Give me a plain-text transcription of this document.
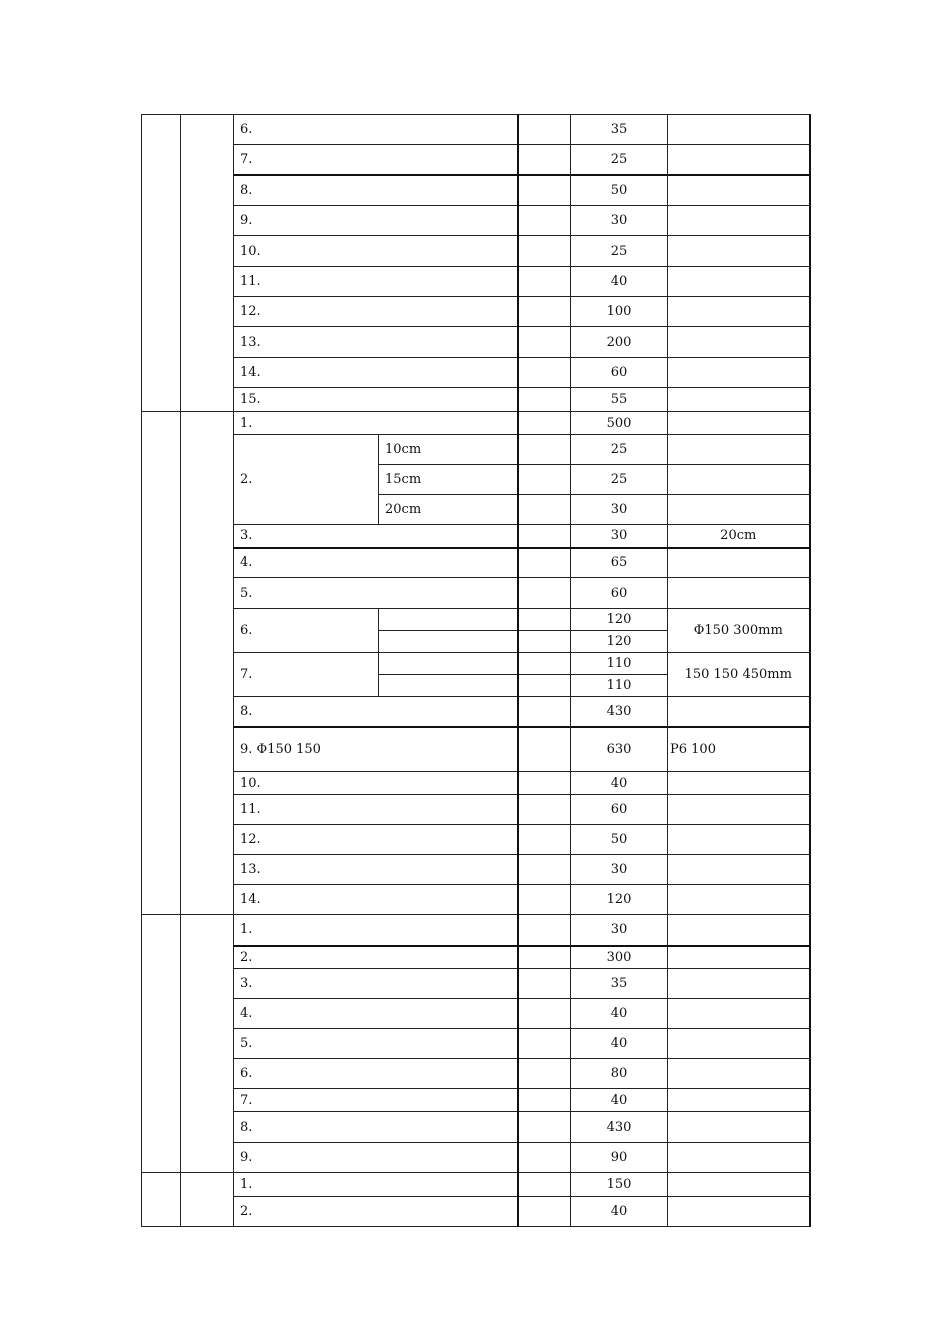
		6.			35	
		7.			25	
		8.			50	
		9.			30	
		10.			25	
		11.			40	
		12.			100	
		13.			200	
		14.			60	
		15.			55	
		1.			500	
		2.	10cm		25	
			15cm		25	
			20cm		30	
		3.			30	20cm
		4.			65	
		5.			60	
		6.			120	Φ150 300mm
					120	
		7.			110	150 150 450mm
					110	
		8.			430	
		9. Φ150 150			630	P6 100
		10.			40	
		11.			60	
		12.			50	
		13.			30	
		14.			120	
		1.			30	
		2.			300	
		3.			35	
		4.			40	
		5.			40	
		6.			80	
		7.			40	
		8.			430	
		9.			90	
		1.			150	
		2.			40	
